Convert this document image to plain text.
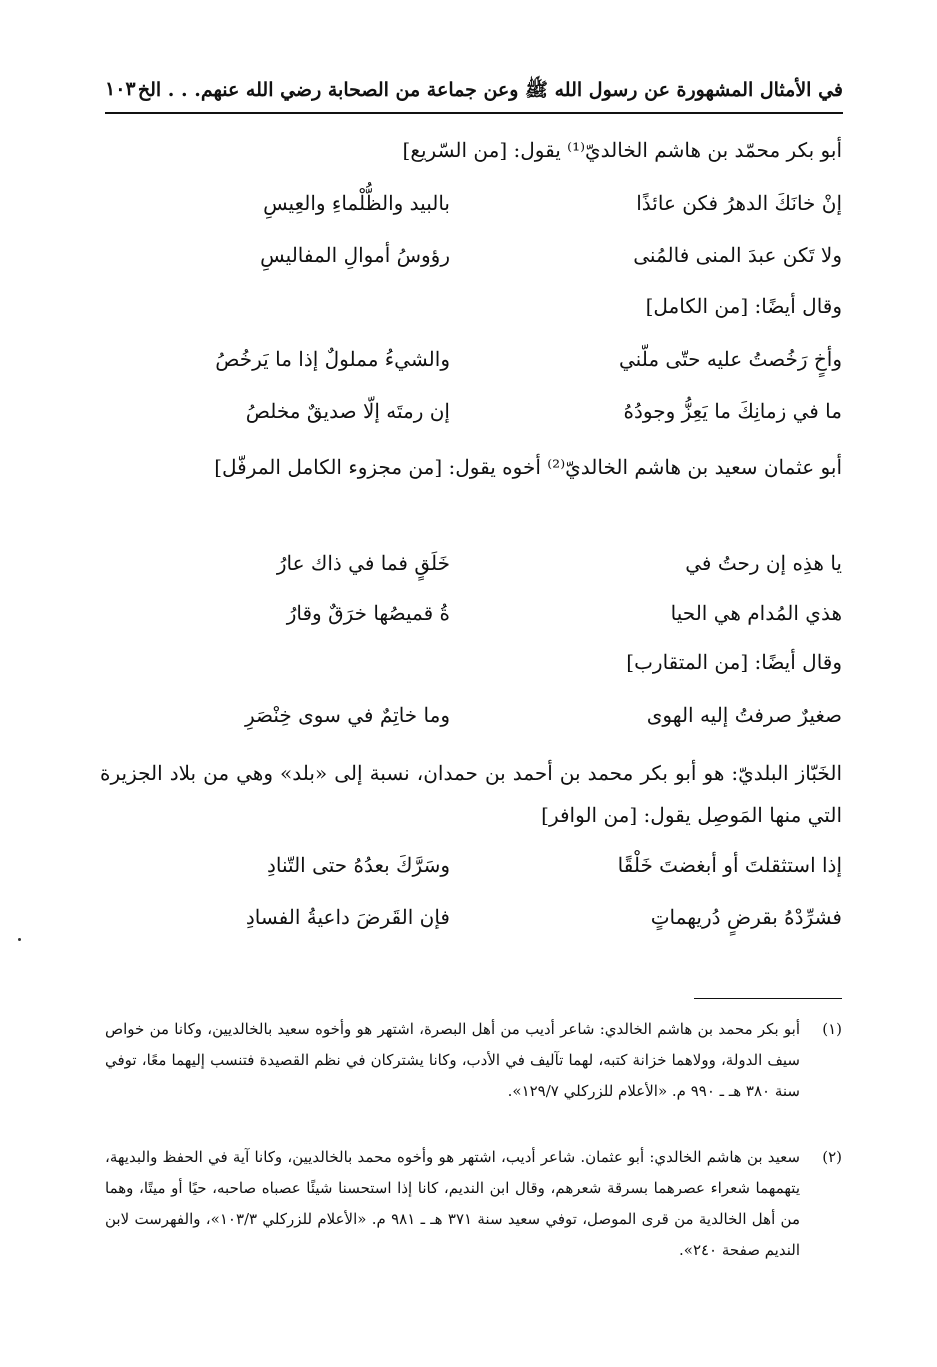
في الأمثال المشهورة عن رسول الله ﷺ وعن جماعة من الصحابة رضي الله عنهم. . . الخ
١٠٣
أبو بكر محمّد بن هاشم الخالديّ⁽¹⁾ يقول: [من السّريع]
إنْ خانَكَ الدهرُ فكن عائذًا
بالبيد والظُّلْماءِ والعِيسِ
ولا تَكن عبدَ المنى فالمُنى
رؤوسُ أموالِ المفاليسِ
وقال أيضًا: [من الكامل]
وأخٍ رَخُصتُ عليه حتّى ملّني
والشيءُ مملولٌ إذا ما يَرخُصُ
ما في زمانِكَ ما يَعِزُّ وجودُهُ
إن رمتَه إلّا صديقٌ مخلصُ
أبو عثمان سعيد بن هاشم الخالديّ⁽²⁾ أخوه يقول: [من مجزوء الكامل المرفّل]
يا هذِه إن رحتُ في
خَلَقٍ فما في ذاك عارُ
هذي المُدام هي الحيا
ةُ قميصُها خرَقٌ وقارُ
وقال أيضًا: [من المتقارب]
صغيرٌ صرفتُ إليه الهوى
وما خاتِمٌ في سوى خِنْصَرِ
الخَبّاز البلديّ: هو أبو بكر محمد بن أحمد بن حمدان، نسبة إلى «بلد» وهي من بلاد الجزيرة التي منها المَوصِل يقول: [من الوافر]
إذا استثقلتَ أو أبغضتَ خَلْقًا
وسَرَّكَ بعدُهُ حتى التّنادِ
فشرِّدْهُ بقرضٍ دُريهماتٍ
فإن القَرضَ داعيةُ الفسادِ
(١)
أبو بكر محمد بن هاشم الخالدي: شاعر أديب من أهل البصرة، اشتهر هو وأخوه سعيد بالخالديين، وكانا من خواص سيف الدولة، وولاهما خزانة كتبه، لهما تآليف في الأدب، وكانا يشتركان في نظم القصيدة فتنسب إليهما معًا، توفي سنة ٣٨٠ هـ ـ ٩٩٠ م. «الأعلام للزركلي ١٢٩/٧».
(٢)
سعيد بن هاشم الخالدي: أبو عثمان. شاعر أديب، اشتهر هو وأخوه محمد بالخالديين، وكانا آية في الحفظ والبديهة، يتهمهما شعراء عصرهما بسرقة شعرهم، وقال ابن النديم، كانا إذا استحسنا شيئًا عصباه صاحبه، حيًا أو ميتًا، وهما من أهل الخالدية من قرى الموصل، توفي سعيد سنة ٣٧١ هـ ـ ٩٨١ م. «الأعلام للزركلي ١٠٣/٣»، والفهرست لابن النديم صفحة ٢٤٠».
